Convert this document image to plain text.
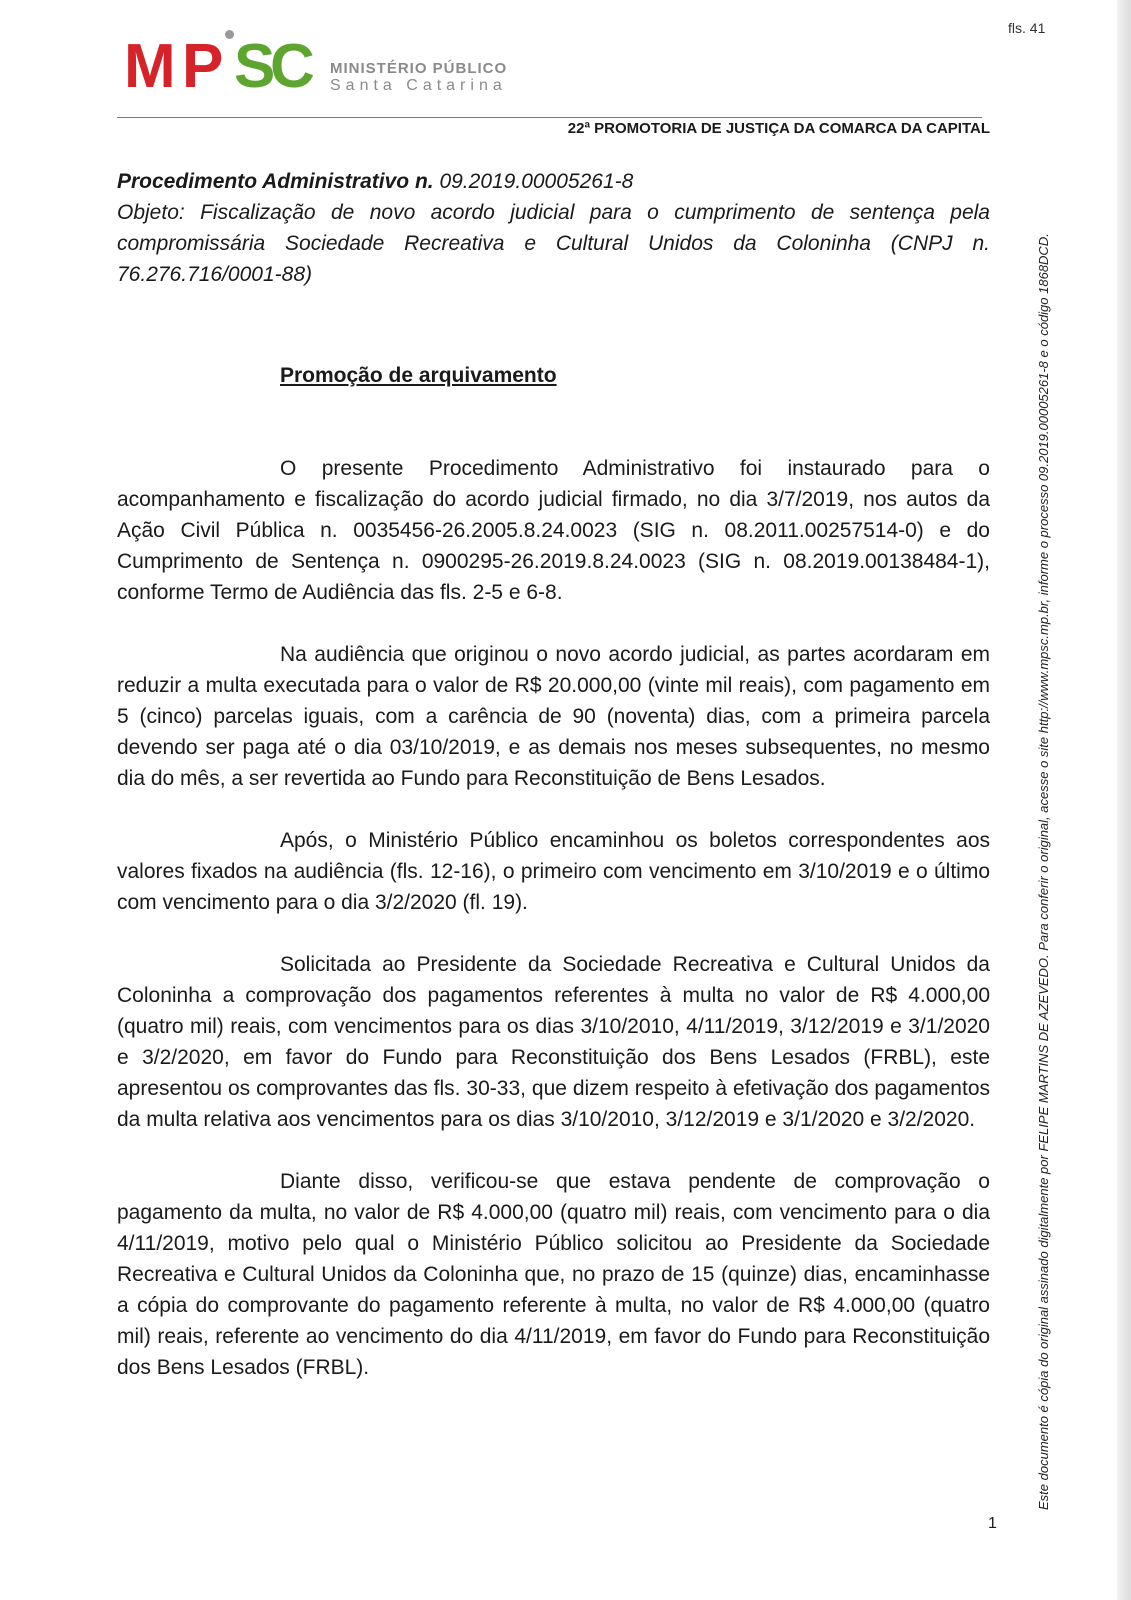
fls. 41
M P S
C MINISTÉRIO PÚBLICO
Santa Catarina
22ª PROMOTORIA DE JUSTIÇA DA COMARCA DA CAPITAL

Procedimento Administrativo n. 09.2019.00005261-8

Objeto: Fiscalização de novo acordo judicial para o cumprimento de sentença pela compromissária Sociedade Recreativa e Cultural Unidos da Coloninha (CNPJ n. 76.276.716/0001-88)

Promoção de arquivamento

O presente Procedimento Administrativo foi instaurado para o acompanhamento e fiscalização do acordo judicial firmado, no dia 3/7/2019, nos autos da Ação Civil Pública n. 0035456-26.2005.8.24.0023 (SIG n. 08.2011.00257514-0) e do Cumprimento de Sentença n. 0900295-26.2019.8.24.0023 (SIG n. 08.2019.00138484-1), conforme Termo de Audiência das fls. 2-5 e 6-8.

Na audiência que originou o novo acordo judicial, as partes acordaram em reduzir a multa executada para o valor de R$ 20.000,00 (vinte mil reais), com pagamento em 5 (cinco) parcelas iguais, com a carência de 90 (noventa) dias, com a primeira parcela devendo ser paga até o dia 03/10/2019, e as demais nos meses subsequentes, no mesmo dia do mês, a ser revertida ao Fundo para Reconstituição de Bens Lesados.

Após, o Ministério Público encaminhou os boletos correspondentes aos valores fixados na audiência (fls. 12-16), o primeiro com vencimento em 3/10/2019 e o último com vencimento para o dia 3/2/2020 (fl. 19).

Solicitada ao Presidente da Sociedade Recreativa e Cultural Unidos da Coloninha a comprovação dos pagamentos referentes à multa no valor de R$ 4.000,00 (quatro mil) reais, com vencimentos para os dias 3/10/2010, 4/11/2019, 3/12/2019 e 3/1/2020 e 3/2/2020, em favor do Fundo para Reconstituição dos Bens Lesados (FRBL), este apresentou os comprovantes das fls. 30-33, que dizem respeito à efetivação dos pagamentos da multa relativa aos vencimentos para os dias 3/10/2010, 3/12/2019 e 3/1/2020 e 3/2/2020.

Diante disso, verificou-se que estava pendente de comprovação o pagamento da multa, no valor de R$ 4.000,00 (quatro mil) reais, com vencimento para o dia 4/11/2019, motivo pelo qual o Ministério Público solicitou ao Presidente da Sociedade Recreativa e Cultural Unidos da Coloninha que, no prazo de 15 (quinze) dias, encaminhasse a cópia do comprovante do pagamento referente à multa, no valor de R$ 4.000,00 (quatro mil) reais, referente ao vencimento do dia 4/11/2019, em favor do Fundo para Reconstituição dos Bens Lesados (FRBL).	Este documento é cópia do original assinado digitalmente por FELIPE MARTINS DE AZEVEDO. Para conferir o original, acesse o site http://www.mpsc.mp.br, informe o processo 09.2019.00005261-8 e o código 1868DCD.
1
